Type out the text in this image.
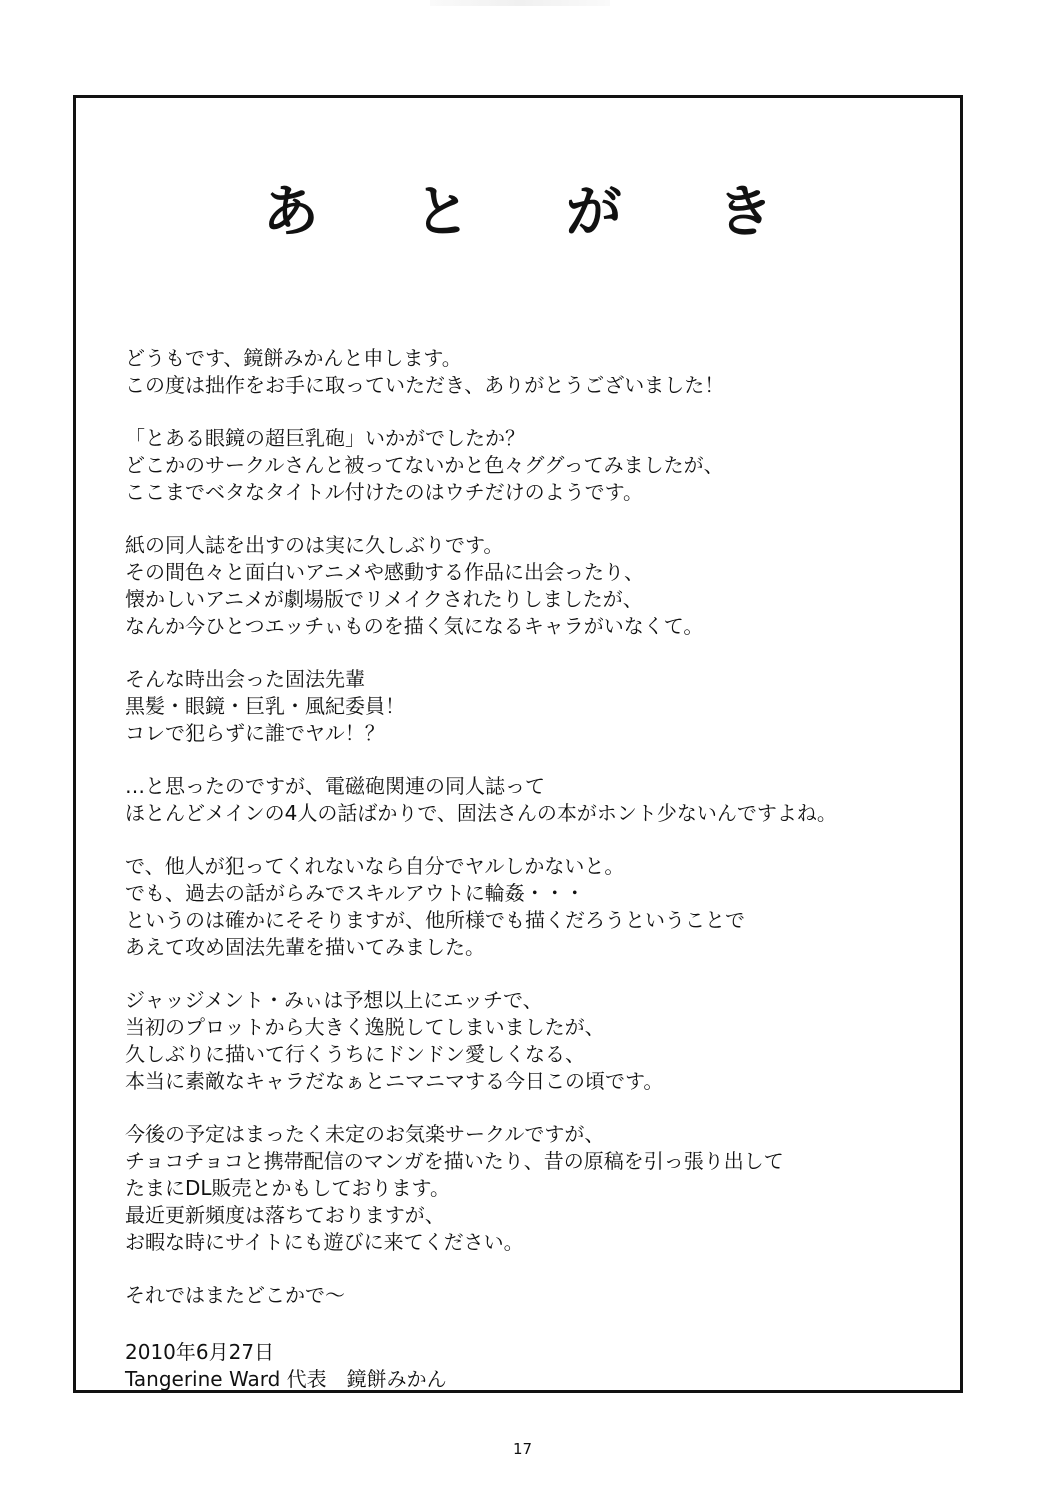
あ と が き
どうもです、鏡餅みかんと申します。
この度は拙作をお手に取っていただき、ありがとうございました！
「とある眼鏡の超巨乳砲」いかがでしたか？
どこかのサークルさんと被ってないかと色々ググってみましたが、
ここまでベタなタイトル付けたのはウチだけのようです。
紙の同人誌を出すのは実に久しぶりです。
その間色々と面白いアニメや感動する作品に出会ったり、
懐かしいアニメが劇場版でリメイクされたりしましたが、
なんか今ひとつエッチぃものを描く気になるキャラがいなくて。
そんな時出会った固法先輩
黒髪・眼鏡・巨乳・風紀委員！
コレで犯らずに誰でヤル！？
…と思ったのですが、電磁砲関連の同人誌って
ほとんどメインの4人の話ばかりで、固法さんの本がホント少ないんですよね。
で、他人が犯ってくれないなら自分でヤルしかないと。
でも、過去の話がらみでスキルアウトに輪姦・・・
というのは確かにそそりますが、他所様でも描くだろうということで
あえて攻め固法先輩を描いてみました。
ジャッジメント・みぃは予想以上にエッチで、
当初のプロットから大きく逸脱してしまいましたが、
久しぶりに描いて行くうちにドンドン愛しくなる、
本当に素敵なキャラだなぁとニマニマする今日この頃です。
今後の予定はまったく未定のお気楽サークルですが、
チョコチョコと携帯配信のマンガを描いたり、昔の原稿を引っ張り出して
たまにDL販売とかもしております。
最近更新頻度は落ちておりますが、
お暇な時にサイトにも遊びに来てください。
それではまたどこかで～
2010年6月27日
Tangerine Ward 代表　鏡餅みかん
17
